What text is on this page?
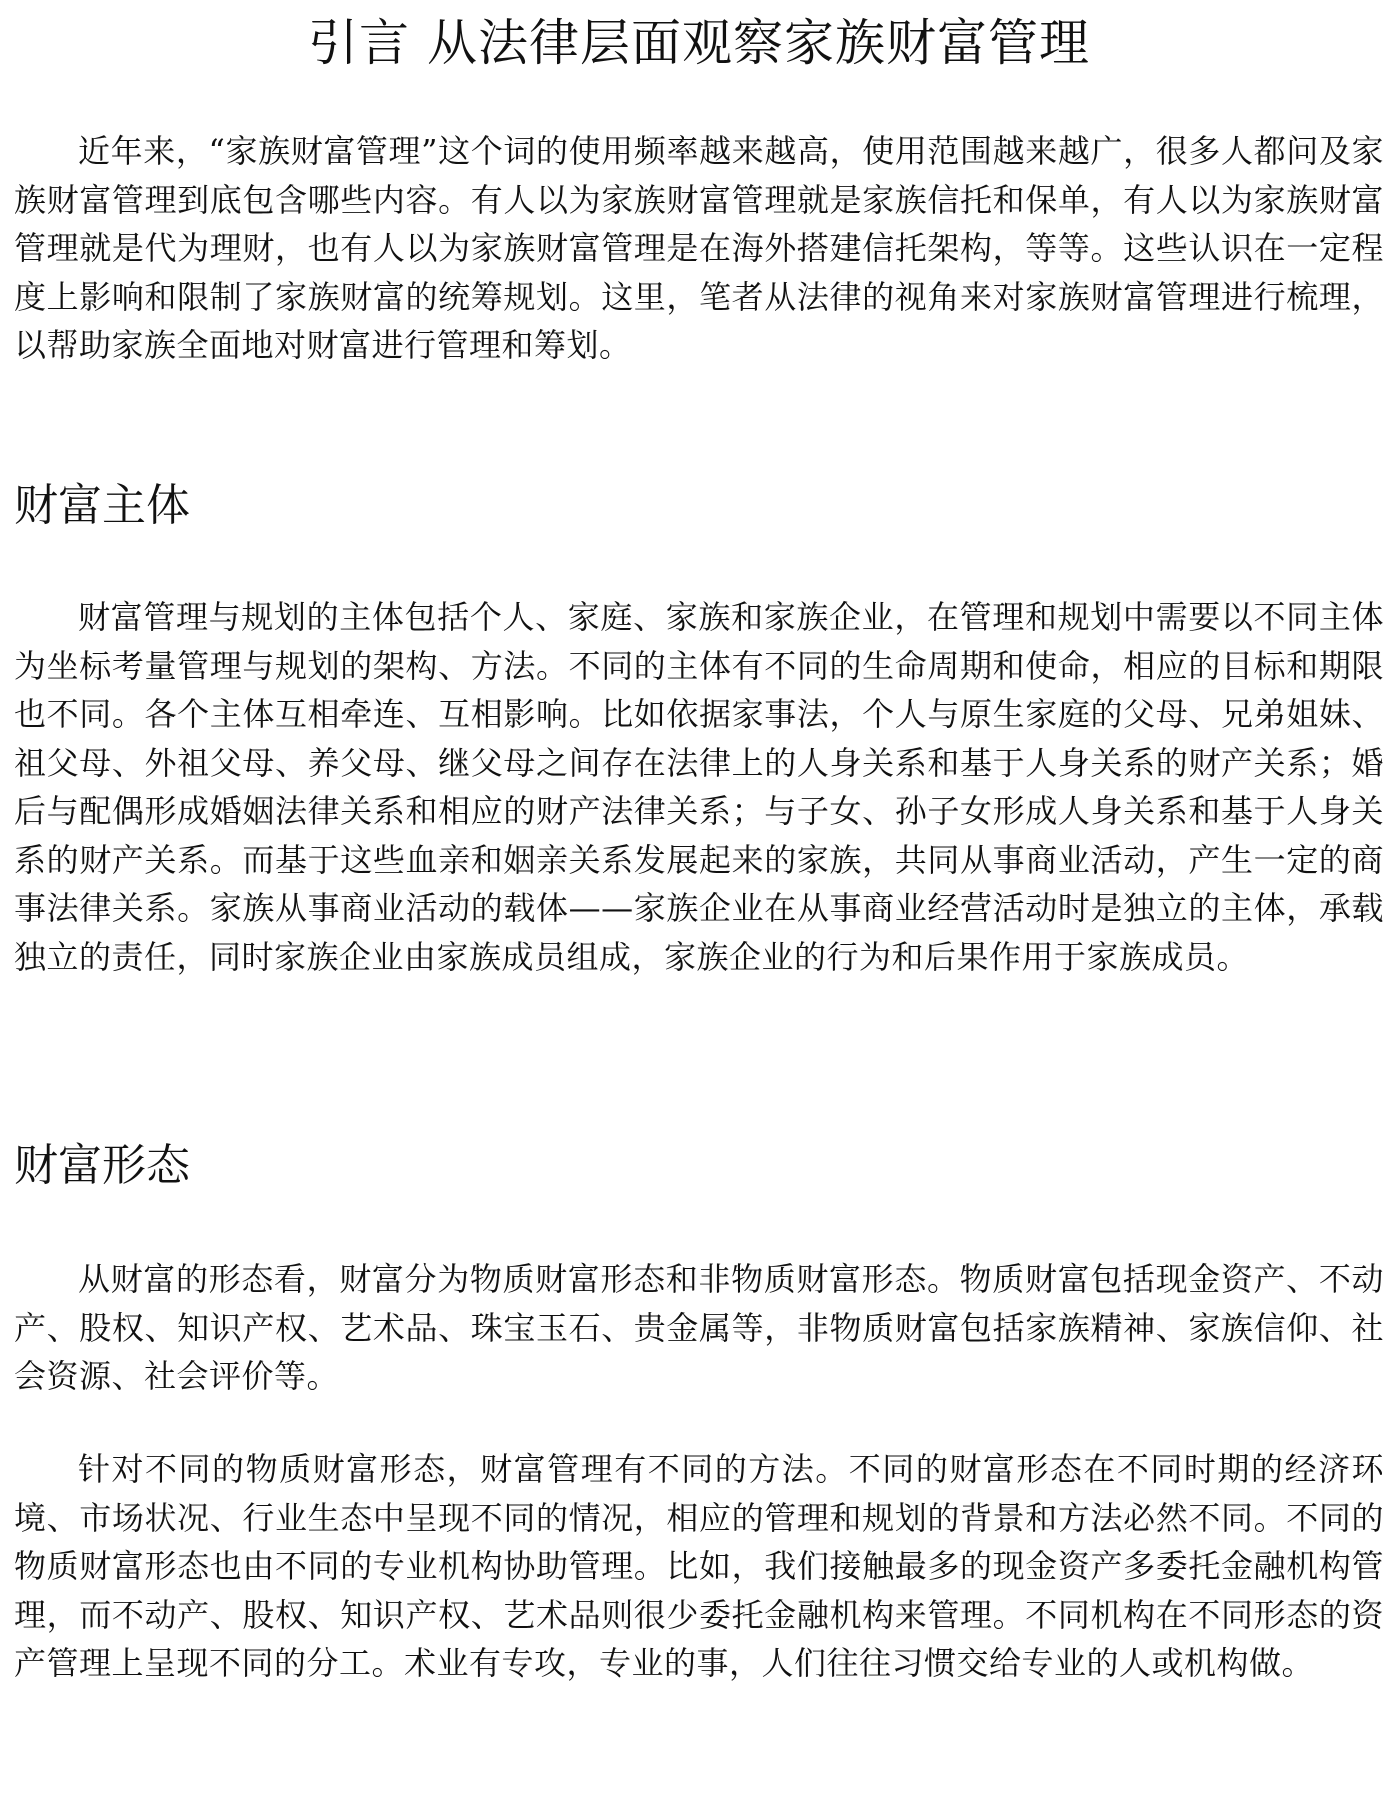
引言 从法律层面观察家族财富管理

近年来，“家族财富管理”这个词的使用频率越来越高，使用范围越来越广，很多人都问及家族财富管理到底包含哪些内容。有人以为家族财富管理就是家族信托和保单，有人以为家族财富管理就是代为理财，也有人以为家族财富管理是在海外搭建信托架构，等等。这些认识在一定程度上影响和限制了家族财富的统筹规划。这里，笔者从法律的视角来对家族财富管理进行梳理，以帮助家族全面地对财富进行管理和筹划。

财富主体

财富管理与规划的主体包括个人、家庭、家族和家族企业，在管理和规划中需要以不同主体为坐标考量管理与规划的架构、方法。不同的主体有不同的生命周期和使命，相应的目标和期限也不同。各个主体互相牵连、互相影响。比如依据家事法，个人与原生家庭的父母、兄弟姐妹、祖父母、外祖父母、养父母、继父母之间存在法律上的人身关系和基于人身关系的财产关系；婚后与配偶形成婚姻法律关系和相应的财产法律关系；与子女、孙子女形成人身关系和基于人身关系的财产关系。而基于这些血亲和姻亲关系发展起来的家族，共同从事商业活动，产生一定的商事法律关系。家族从事商业活动的载体——家族企业在从事商业经营活动时是独立的主体，承载独立的责任，同时家族企业由家族成员组成，家族企业的行为和后果作用于家族成员。

财富形态

从财富的形态看，财富分为物质财富形态和非物质财富形态。物质财富包括现金资产、不动产、股权、知识产权、艺术品、珠宝玉石、贵金属等，非物质财富包括家族精神、家族信仰、社会资源、社会评价等。

针对不同的物质财富形态，财富管理有不同的方法。不同的财富形态在不同时期的经济环境、市场状况、行业生态中呈现不同的情况，相应的管理和规划的背景和方法必然不同。不同的物质财富形态也由不同的专业机构协助管理。比如，我们接触最多的现金资产多委托金融机构管理，而不动产、股权、知识产权、艺术品则很少委托金融机构来管理。不同机构在不同形态的资产管理上呈现不同的分工。术业有专攻，专业的事，人们往往习惯交给专业的人或机构做。
